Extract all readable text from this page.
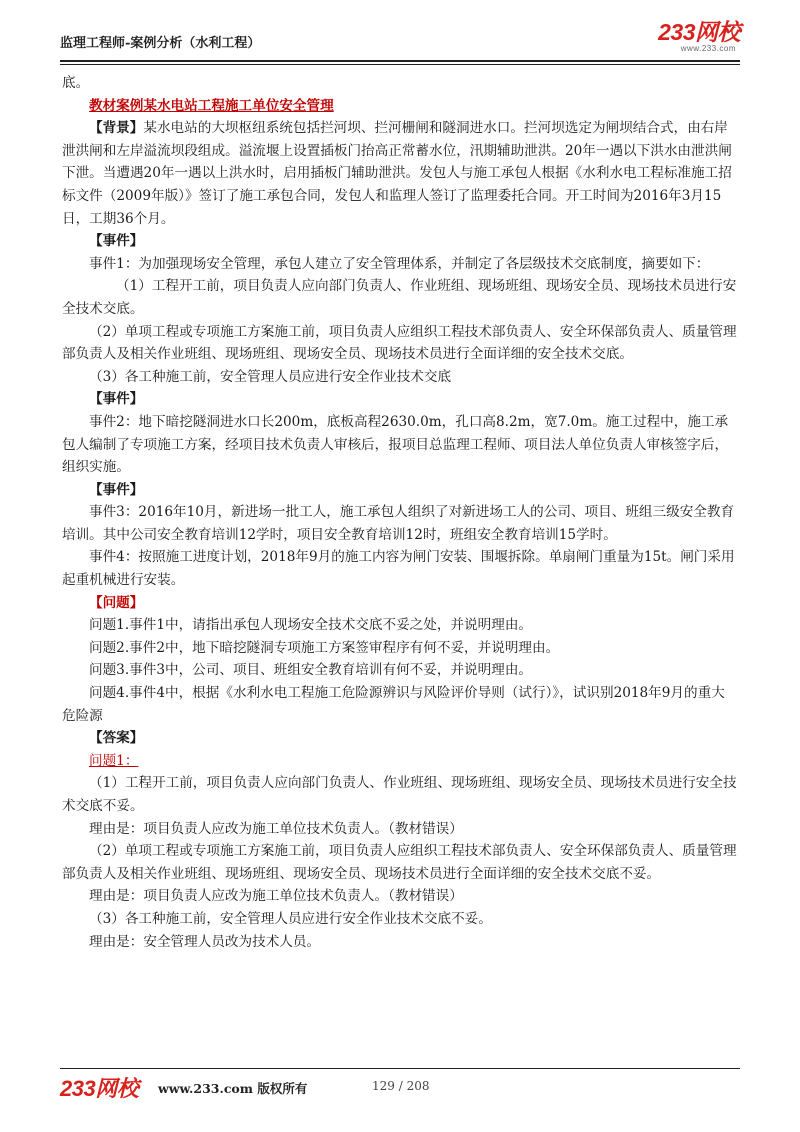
监理工程师-案例分析（水利工程）	233网校
www.233.com

底。

教材案例某水电站工程施工单位安全管理

【背景】某水电站的大坝枢纽系统包括拦河坝、拦河栅闸和隧洞进水口。拦河坝选定为闸坝结合式，由右岸泄洪闸和左岸溢流坝段组成。溢流堰上设置插板门抬高正常蓄水位，汛期辅助泄洪。20年一遇以下洪水由泄洪闸下泄。当遭遇20年一遇以上洪水时，启用插板门辅助泄洪。发包人与施工承包人根据《水利水电工程标准施工招标文件（2009年版）》签订了施工承包合同，发包人和监理人签订了监理委托合同。开工时间为2016年3月15日，工期36个月。

【事件】

事件1：为加强现场安全管理，承包人建立了安全管理体系，并制定了各层级技术交底制度，摘要如下：

（1）工程开工前，项目负责人应向部门负责人、作业班组、现场班组、现场安全员、现场技术员进行安全技术交底。

（2）单项工程或专项施工方案施工前，项目负责人应组织工程技术部负责人、安全环保部负责人、质量管理部负责人及相关作业班组、现场班组、现场安全员、现场技术员进行全面详细的安全技术交底。

（3）各工种施工前，安全管理人员应进行安全作业技术交底

【事件】

事件2：地下暗挖隧洞进水口长200m，底板高程2630.0m，孔口高8.2m，宽7.0m。施工过程中，施工承包人编制了专项施工方案，经项目技术负责人审核后，报项目总监理工程师、项目法人单位负责人审核签字后，组织实施。

【事件】

事件3：2016年10月，新进场一批工人，施工承包人组织了对新进场工人的公司、项目、班组三级安全教育培训。其中公司安全教育培训12学时，项目安全教育培训12时，班组安全教育培训15学时。

事件4：按照施工进度计划，2018年9月的施工内容为闸门安装、围堰拆除。单扇闸门重量为15t。闸门采用起重机械进行安装。

【问题】

问题1.事件1中，请指出承包人现场安全技术交底不妥之处，并说明理由。

问题2.事件2中，地下暗挖隧洞专项施工方案签审程序有何不妥，并说明理由。

问题3.事件3中，公司、项目、班组安全教育培训有何不妥，并说明理由。

问题4.事件4中，根据《水利水电工程施工危险源辨识与风险评价导则（试行）》，试识别2018年9月的重大危险源

【答案】

问题1：

（1）工程开工前，项目负责人应向部门负责人、作业班组、现场班组、现场安全员、现场技术员进行安全技术交底不妥。

理由是：项目负责人应改为施工单位技术负责人。（教材错误）

（2）单项工程或专项施工方案施工前，项目负责人应组织工程技术部负责人、安全环保部负责人、质量管理部负责人及相关作业班组、现场班组、现场安全员、现场技术员进行全面详细的安全技术交底不妥。

理由是：项目负责人应改为施工单位技术负责人。（教材错误）

（3）各工种施工前，安全管理人员应进行安全作业技术交底不妥。

理由是：安全管理人员改为技术人员。

233网校 www.233.com 版权所有	129 / 208
